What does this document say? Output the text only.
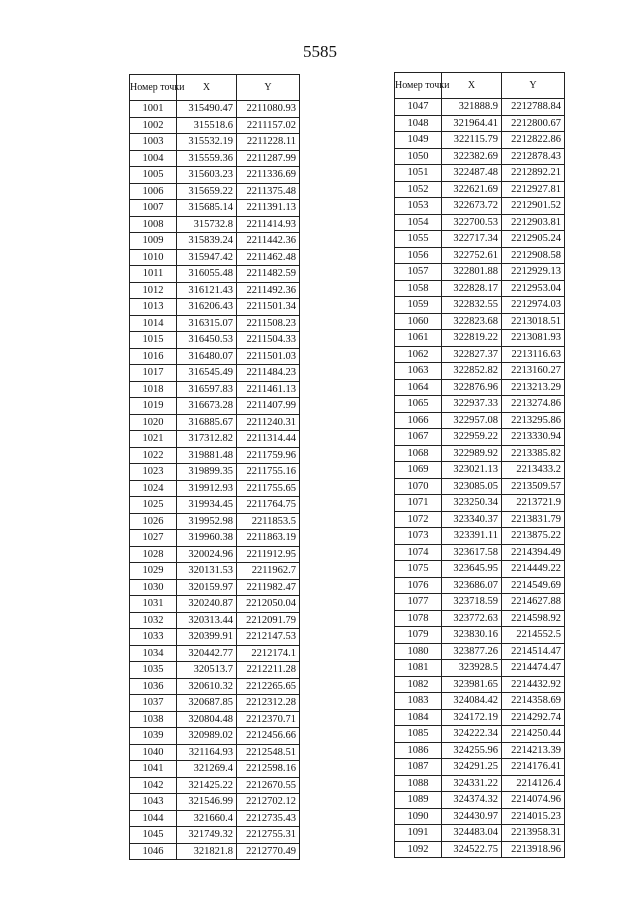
5585
Номер точки	X	Y
1001	315490.47	2211080.93
1002	315518.6	2211157.02
1003	315532.19	2211228.11
1004	315559.36	2211287.99
1005	315603.23	2211336.69
1006	315659.22	2211375.48
1007	315685.14	2211391.13
1008	315732.8	2211414.93
1009	315839.24	2211442.36
1010	315947.42	2211462.48
1011	316055.48	2211482.59
1012	316121.43	2211492.36
1013	316206.43	2211501.34
1014	316315.07	2211508.23
1015	316450.53	2211504.33
1016	316480.07	2211501.03
1017	316545.49	2211484.23
1018	316597.83	2211461.13
1019	316673.28	2211407.99
1020	316885.67	2211240.31
1021	317312.82	2211314.44
1022	319881.48	2211759.96
1023	319899.35	2211755.16
1024	319912.93	2211755.65
1025	319934.45	2211764.75
1026	319952.98	2211853.5
1027	319960.38	2211863.19
1028	320024.96	2211912.95
1029	320131.53	2211962.7
1030	320159.97	2211982.47
1031	320240.87	2212050.04
1032	320313.44	2212091.79
1033	320399.91	2212147.53
1034	320442.77	2212174.1
1035	320513.7	2212211.28
1036	320610.32	2212265.65
1037	320687.85	2212312.28
1038	320804.48	2212370.71
1039	320989.02	2212456.66
1040	321164.93	2212548.51
1041	321269.4	2212598.16
1042	321425.22	2212670.55
1043	321546.99	2212702.12
1044	321660.4	2212735.43
1045	321749.32	2212755.31
1046	321821.8	2212770.49
Номер точки	X	Y
1047	321888.9	2212788.84
1048	321964.41	2212800.67
1049	322115.79	2212822.86
1050	322382.69	2212878.43
1051	322487.48	2212892.21
1052	322621.69	2212927.81
1053	322673.72	2212901.52
1054	322700.53	2212903.81
1055	322717.34	2212905.24
1056	322752.61	2212908.58
1057	322801.88	2212929.13
1058	322828.17	2212953.04
1059	322832.55	2212974.03
1060	322823.68	2213018.51
1061	322819.22	2213081.93
1062	322827.37	2213116.63
1063	322852.82	2213160.27
1064	322876.96	2213213.29
1065	322937.33	2213274.86
1066	322957.08	2213295.86
1067	322959.22	2213330.94
1068	322989.92	2213385.82
1069	323021.13	2213433.2
1070	323085.05	2213509.57
1071	323250.34	2213721.9
1072	323340.37	2213831.79
1073	323391.11	2213875.22
1074	323617.58	2214394.49
1075	323645.95	2214449.22
1076	323686.07	2214549.69
1077	323718.59	2214627.88
1078	323772.63	2214598.92
1079	323830.16	2214552.5
1080	323877.26	2214514.47
1081	323928.5	2214474.47
1082	323981.65	2214432.92
1083	324084.42	2214358.69
1084	324172.19	2214292.74
1085	324222.34	2214250.44
1086	324255.96	2214213.39
1087	324291.25	2214176.41
1088	324331.22	2214126.4
1089	324374.32	2214074.96
1090	324430.97	2214015.23
1091	324483.04	2213958.31
1092	324522.75	2213918.96
